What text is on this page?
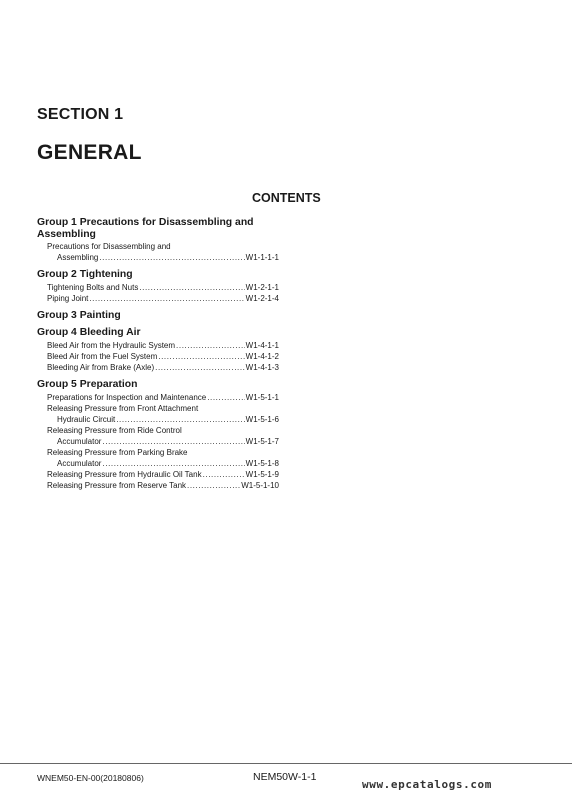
SECTION 1
GENERAL
CONTENTS
Group 1 Precautions for Disassembling and Assembling
Precautions for Disassembling and
Assembling .....	W1-1-1-1
Group 2 Tightening
Tightening Bolts and Nuts .....	W1-2-1-1
Piping Joint .....	W1-2-1-4
Group 3 Painting
Group 4 Bleeding Air
Bleed Air from the Hydraulic System .....	W1-4-1-1
Bleed Air from the Fuel System .....	W1-4-1-2
Bleeding Air from Brake (Axle) .....	W1-4-1-3
Group 5 Preparation
Preparations for Inspection and Maintenance .....	W1-5-1-1
Releasing Pressure from Front Attachment
Hydraulic Circuit .....	W1-5-1-6
Releasing Pressure from Ride Control
Accumulator .....	W1-5-1-7
Releasing Pressure from Parking Brake
Accumulator .....	W1-5-1-8
Releasing Pressure from Hydraulic Oil Tank .....	W1-5-1-9
Releasing Pressure from Reserve Tank .....	W1-5-1-10
WNEM50-EN-00(20180806)	NEM50W-1-1
www.epcatalogs.com
